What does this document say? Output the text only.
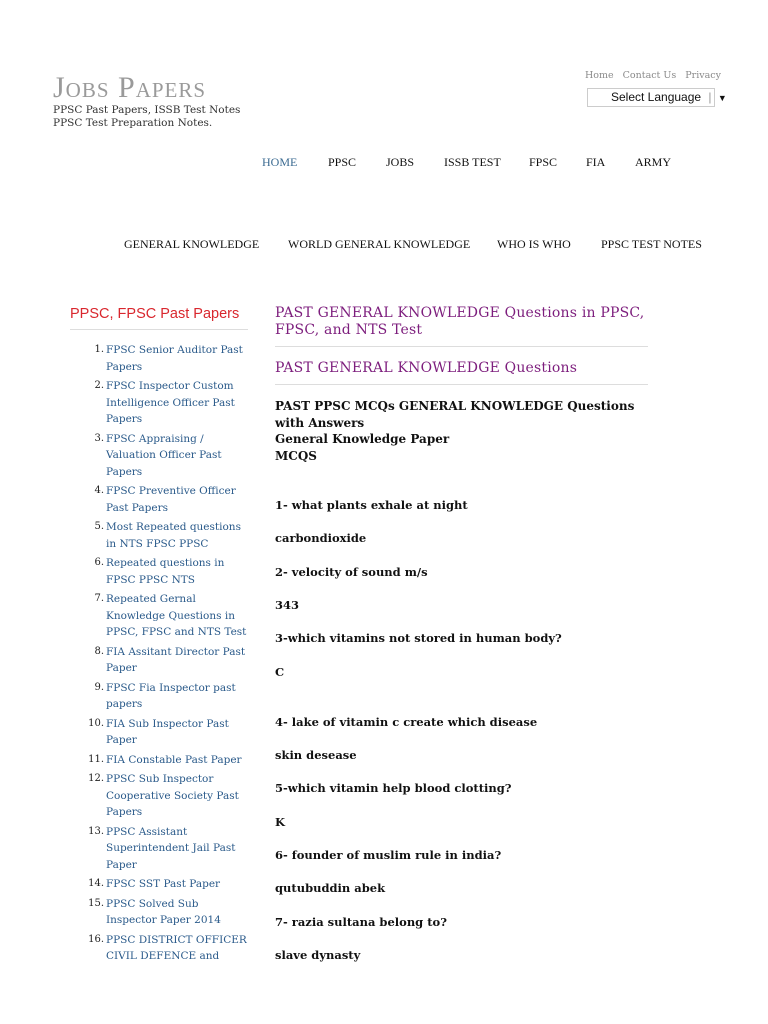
Jobs Papers
PPSC Past Papers, ISSB Test Notes
PPSC Test Preparation Notes.
Home Contact Us Privacy
Select Language | ▼
HOME	PPSC JOBS ISSB TEST FPSC FIA ARMY
GENERAL KNOWLEDGE WORLD GENERAL KNOWLEDGE WHO IS WHO	PPSC TEST NOTES
PPSC, FPSC Past Papers
1. FPSC Senior Auditor Past Papers
2. FPSC Inspector Custom Intelligence Officer Past Papers
3. FPSC Appraising / Valuation Officer Past Papers
4. FPSC Preventive Officer Past Papers
5. Most Repeated questions in NTS FPSC PPSC
6. Repeated questions in FPSC PPSC NTS
7. Repeated Gernal Knowledge Questions in PPSC, FPSC and NTS Test
8. FIA Assitant Director Past Paper
9. FPSC Fia Inspector past papers
10. FIA Sub Inspector Past Paper
11. FIA Constable Past Paper
12. PPSC Sub Inspector Cooperative Society Past Papers
13. PPSC Assistant Superintendent Jail Past Paper
14. FPSC SST Past Paper
15. PPSC Solved Sub Inspector Paper 2014
16. PPSC DISTRICT OFFICER CIVIL DEFENCE and
PAST GENERAL KNOWLEDGE Questions in PPSC, FPSC, and NTS Test
PAST GENERAL KNOWLEDGE Questions
PAST PPSC MCQs GENERAL KNOWLEDGE Questions with Answers
General Knowledge Paper
MCQS
1- what plants exhale at night
carbondioxide
2- velocity of sound m/s
343
3-which vitamins not stored in human body?
C
4- lake of vitamin c create which disease
skin desease
5-which vitamin help blood clotting?
K
6- founder of muslim rule in india?
qutubuddin abek
7- razia sultana belong to?
slave dynasty
